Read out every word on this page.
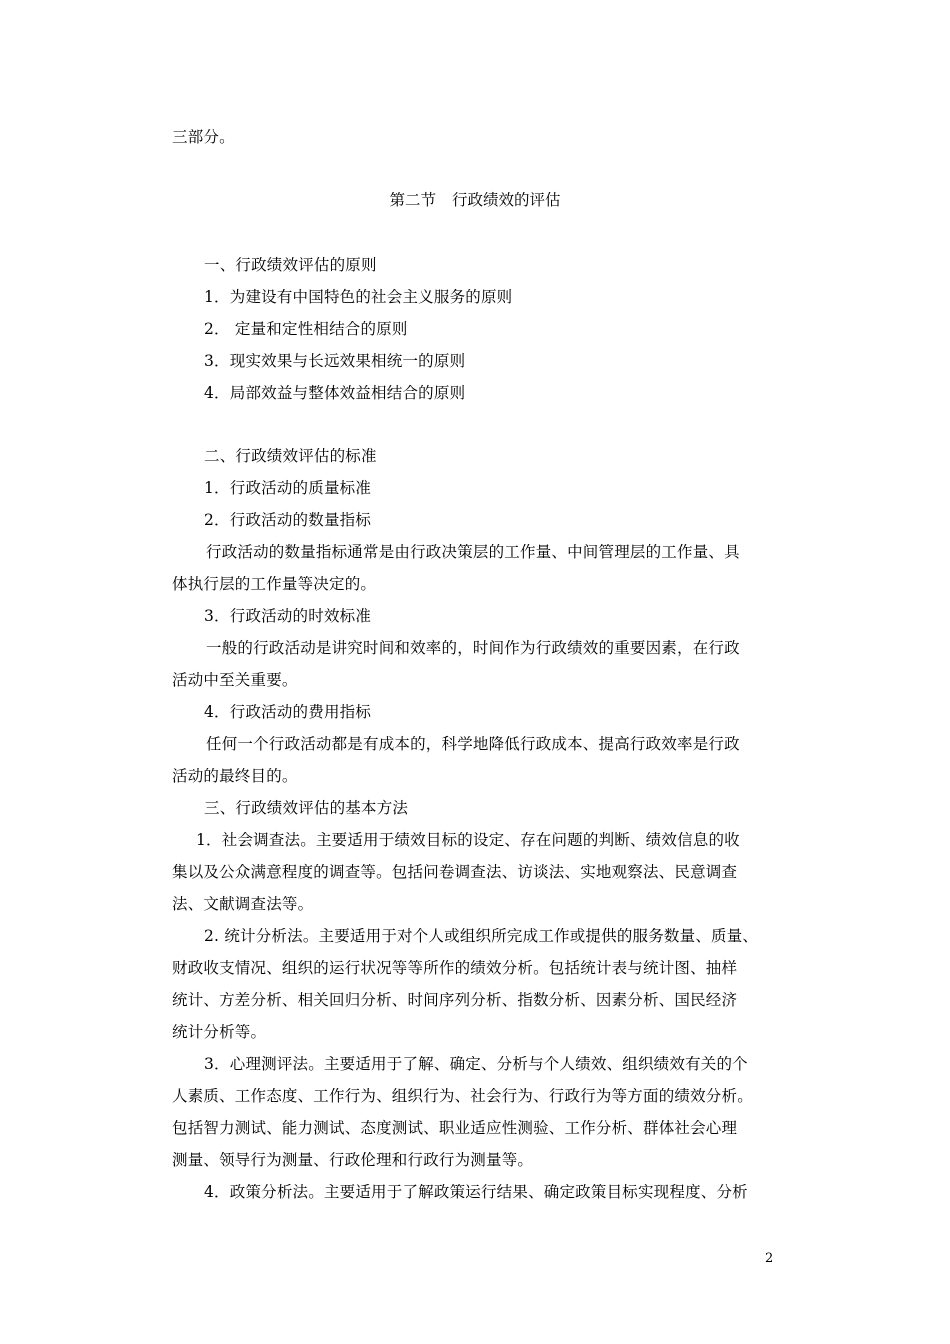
三部分。
第二节 行政绩效的评估
一、行政绩效评估的原则
1．为建设有中国特色的社会主义服务的原则
2． 定量和定性相结合的原则
3．现实效果与长远效果相统一的原则
4．局部效益与整体效益相结合的原则
二、行政绩效评估的标准
1．行政活动的质量标准
2．行政活动的数量指标
行政活动的数量指标通常是由行政决策层的工作量、中间管理层的工作量、具
体执行层的工作量等决定的。
3．行政活动的时效标准
一般的行政活动是讲究时间和效率的，时间作为行政绩效的重要因素，在行政
活动中至关重要。
4．行政活动的费用指标
任何一个行政活动都是有成本的，科学地降低行政成本、提高行政效率是行政
活动的最终目的。
三、行政绩效评估的基本方法
1．社会调查法。主要适用于绩效目标的设定、存在问题的判断、绩效信息的收
集以及公众满意程度的调查等。包括问卷调查法、访谈法、实地观察法、民意调查
法、文献调查法等。
2. 统计分析法。主要适用于对个人或组织所完成工作或提供的服务数量、质量、
财政收支情况、组织的运行状况等等所作的绩效分析。包括统计表与统计图、抽样
统计、方差分析、相关回归分析、时间序列分析、指数分析、因素分析、国民经济
统计分析等。
3．心理测评法。主要适用于了解、确定、分析与个人绩效、组织绩效有关的个
人素质、工作态度、工作行为、组织行为、社会行为、行政行为等方面的绩效分析。
包括智力测试、能力测试、态度测试、职业适应性测验、工作分析、群体社会心理
测量、领导行为测量、行政伦理和行政行为测量等。
4．政策分析法。主要适用于了解政策运行结果、确定政策目标实现程度、分析
2
